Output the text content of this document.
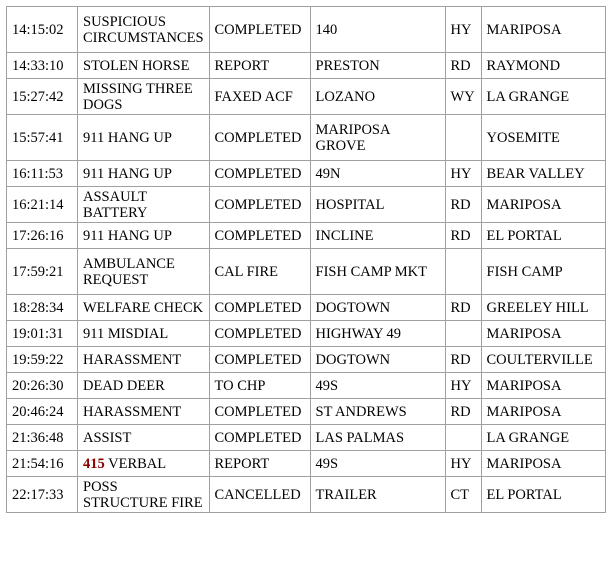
14:15:02	SUSPICIOUS
CIRCUMSTANCES	COMPLETED	140	HY	MARIPOSA
14:33:10	STOLEN HORSE	REPORT	PRESTON	RD	RAYMOND
15:27:42	MISSING THREE
DOGS	FAXED ACF	LOZANO	WY	LA GRANGE
15:57:41	911 HANG UP	COMPLETED	MARIPOSA
GROVE		YOSEMITE
16:11:53	911 HANG UP	COMPLETED	49N	HY	BEAR VALLEY
16:21:14	ASSAULT
BATTERY	COMPLETED	HOSPITAL	RD	MARIPOSA
17:26:16	911 HANG UP	COMPLETED	INCLINE	RD	EL PORTAL
17:59:21	AMBULANCE
REQUEST	CAL FIRE	FISH CAMP MKT		FISH CAMP
18:28:34	WELFARE CHECK	COMPLETED	DOGTOWN	RD	GREELEY HILL
19:01:31	911 MISDIAL	COMPLETED	HIGHWAY 49		MARIPOSA
19:59:22	HARASSMENT	COMPLETED	DOGTOWN	RD	COULTERVILLE
20:26:30	DEAD DEER	TO CHP	49S	HY	MARIPOSA
20:46:24	HARASSMENT	COMPLETED	ST ANDREWS	RD	MARIPOSA
21:36:48	ASSIST	COMPLETED	LAS PALMAS		LA GRANGE
21:54:16	415 VERBAL	REPORT	49S	HY	MARIPOSA
22:17:33	POSS
STRUCTURE FIRE	CANCELLED	TRAILER	CT	EL PORTAL
